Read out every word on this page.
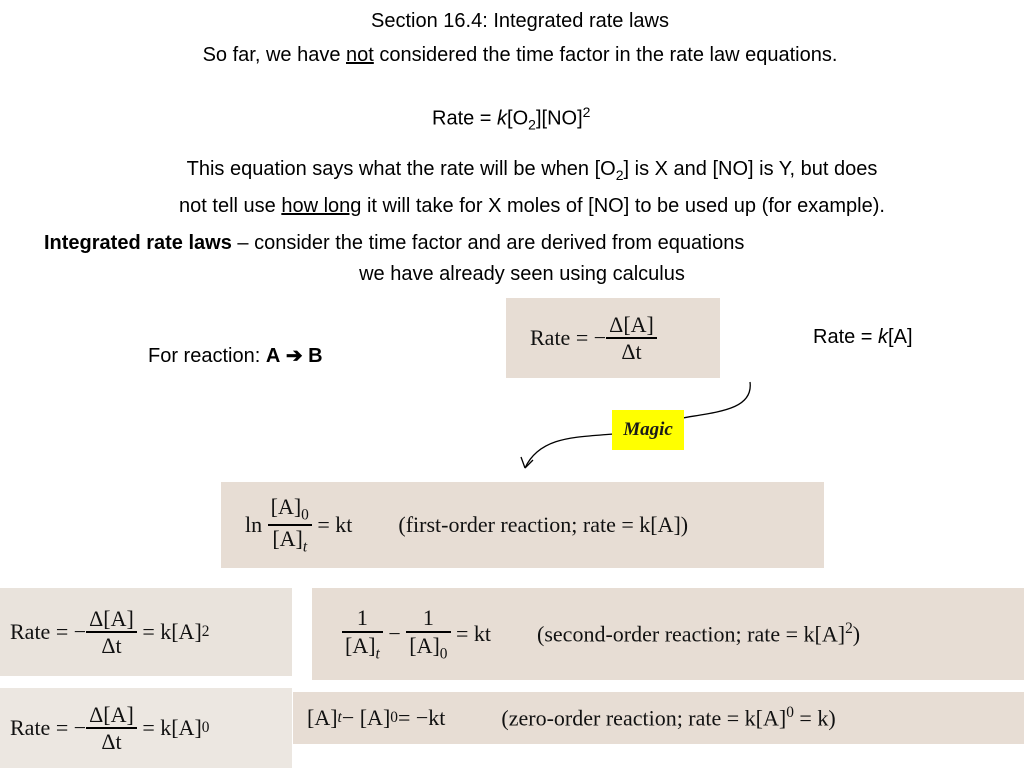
Section 16.4: Integrated rate laws
So far, we have not considered the time factor in the rate law equations.
Rate = $k[O_2][NO]^2$
This equation says what the rate will be when $[O_2]$ is X and [NO] is Y, but does
not tell use how long it will take for X moles of [NO] to be used up (for example).
Integrated rate laws – consider the time factor and are derived from equations
we have already seen using calculus
For reaction: A ➔ B
Rate = k[A]
Rate
=
− $\frac{\Delta[A]}{\Delta t}$
Magic
ln
$\frac{[A]_0}{[A]_t}$
= kt (first-order reaction; rate = k[A])
Rate = − $\frac{\Delta[A]}{\Delta t}$
= k[A] 2	$\frac{1}{[A]_t}$
−
$\frac{1}{[A]_0}$
= kt (second-order reaction; rate = $k[A]^2$)
Rate = − $\frac{\Delta[A]}{\Delta t}$
= k[A] 0	[A] t − [A] 0 = −kt	(zero-order reaction; rate = $k[A]^0 = k$)
